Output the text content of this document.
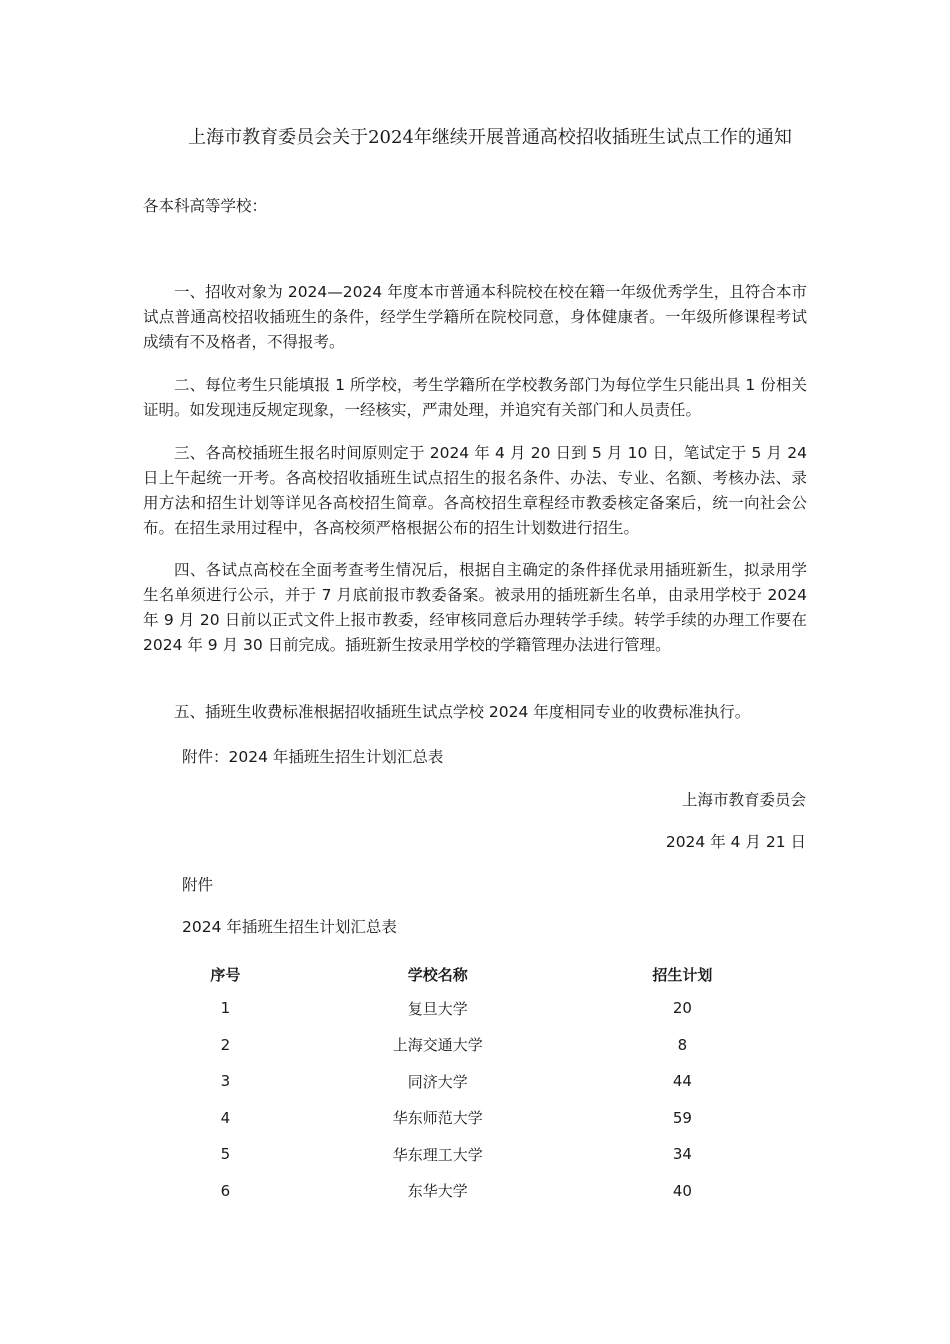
上海市教育委员会关于2024年继续开展普通高校招收插班生试点工作的通知

各本科高等学校：

一、招收对象为 2024—2024 年度本市普通本科院校在校在籍一年级优秀学生，且符合本市试点普通高校招收插班生的条件，经学生学籍所在院校同意，身体健康者。一年级所修课程考试成绩有不及格者，不得报考。

二、每位考生只能填报 1 所学校，考生学籍所在学校教务部门为每位学生只能出具 1 份相关证明。如发现违反规定现象，一经核实，严肃处理，并追究有关部门和人员责任。

三、各高校插班生报名时间原则定于 2024 年 4 月 20 日到 5 月 10 日，笔试定于 5 月 24 日上午起统一开考。各高校招收插班生试点招生的报名条件、办法、专业、名额、考核办法、录用方法和招生计划等详见各高校招生简章。各高校招生章程经市教委核定备案后，统一向社会公布。在招生录用过程中，各高校须严格根据公布的招生计划数进行招生。

四、各试点高校在全面考查考生情况后，根据自主确定的条件择优录用插班新生，拟录用学生名单须进行公示，并于 7 月底前报市教委备案。被录用的插班新生名单，由录用学校于 2024 年 9 月 20 日前以正式文件上报市教委，经审核同意后办理转学手续。转学手续的办理工作要在 2024 年 9 月 30 日前完成。插班新生按录用学校的学籍管理办法进行管理。

五、插班生收费标准根据招收插班生试点学校 2024 年度相同专业的收费标准执行。

附件：2024 年插班生招生计划汇总表

上海市教育委员会

2024 年 4 月 21 日

附件

2024 年插班生招生计划汇总表

序号	学校名称	招生计划
1	复旦大学	20
2	上海交通大学	8
3	同济大学	44
4	华东师范大学	59
5	华东理工大学	34
6	东华大学	40
